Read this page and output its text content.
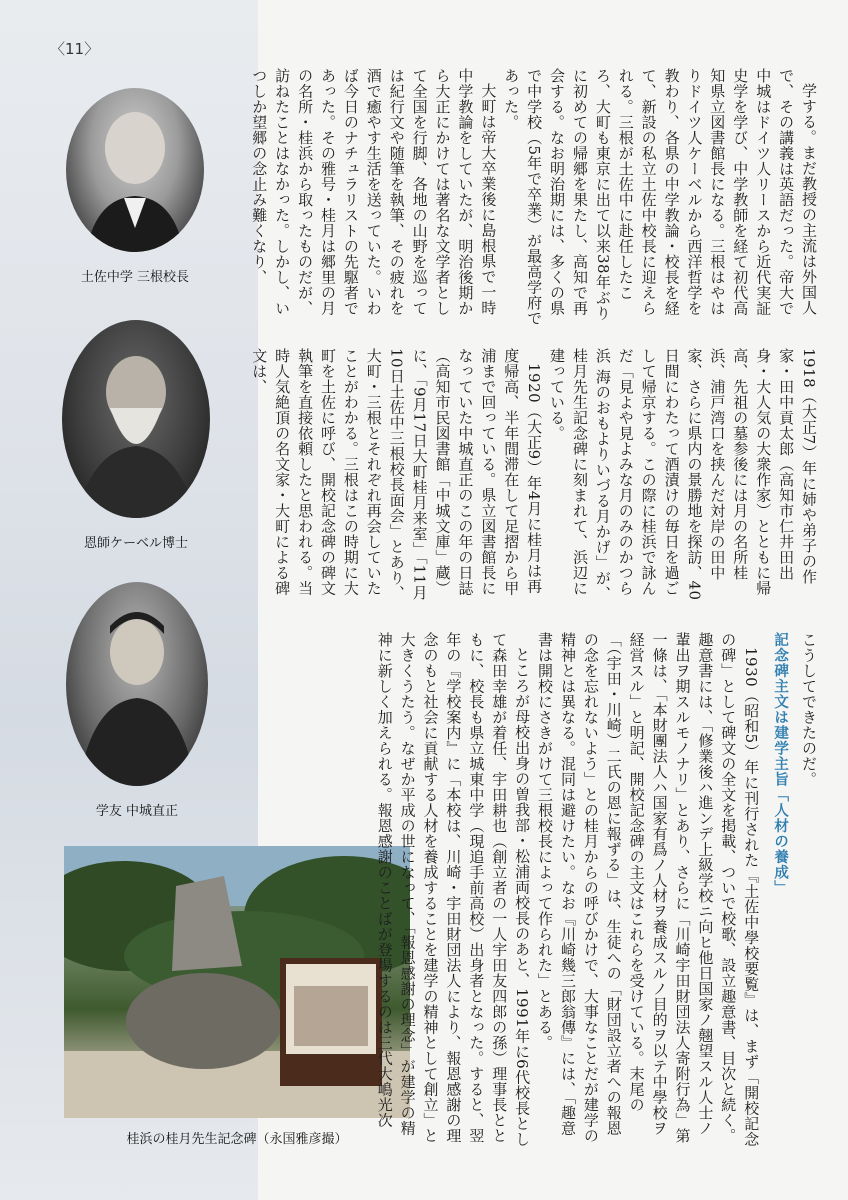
〈11〉
土佐中学 三根校長
恩師ケーベル博士
学友 中城直正
桂浜の桂月先生記念碑（永国雅彦撮）

学する。まだ教授の主流は外国人で、その講義は英語だった。帝大で中城はドイツ人リースから近代実証史学を学び、中学教師を経て初代高知県立図書館長になる。三根はやはりドイツ人ケーベルから西洋哲学を教わり、各県の中学教論・校長を経て、新設の私立土佐中校長に迎えられる。三根が土佐中に赴任したころ、大町も東京に出て以来38年ぶりに初めての帰郷を果たし、高知で再会する。なお明治期には、多くの県で中学校（5年で卒業）が最高学府であった。

大町は帝大卒業後に島根県で一時中学教論をしていたが、明治後期から大正にかけては著名な文学者として全国を行脚、各地の山野を巡っては紀行文や随筆を執筆、その疲れを酒で癒やす生活を送っていた。いわば今日のナチュラリストの先駆者であった。その雅号・桂月は郷里の月の名所・桂浜から取ったものだが、訪ねたことはなかった。しかし、いつしか望郷の念止み難くなり、

1918（大正7）年に姉や弟子の作家・田中貢太郎（高知市仁井田出身・大人気の大衆作家）とともに帰高、先祖の墓参後には月の名所桂浜、浦戸湾口を挟んだ対岸の田中家、さらに県内の景勝地を探訪、40日間にわたって酒漬けの毎日を過ごして帰京する。この際に桂浜で詠んだ「見よや見よみな月のみのかつら浜 海のおもよりいづる月かげ」が、桂月先生記念碑に刻まれて、浜辺に建っている。

1920（大正9）年4月に桂月は再度帰高、半年間滞在して足摺から甲浦まで回っている。県立図書館長になっていた中城直正のこの年の日誌（高知市民図書館「中城文庫」蔵）に、「9月17日大町桂月来室」「11月10日土佐中三根校長面会」とあり、大町・三根とそれぞれ再会していたことがわかる。三根はこの時期に大町を土佐に呼び、開校記念碑の碑文執筆を直接依頼したと思われる。当時人気絶頂の名文家・大町による碑文は、

こうしてできたのだ。

記念碑主文は建学主旨「人材の養成」

1930（昭和5）年に刊行された『土佐中學校要覧』は、まず「開校記念の碑」として碑文の全文を掲載、ついで校歌、設立趣意書、目次と続く。趣意書には、「修業後ハ進ンデ上級学校ニ向ヒ他日国家ノ翹望スル人士ノ輩出ヲ期スルモノナリ」とあり、さらに「川崎宇田財団法人寄附行為」第一條は、「本財團法人ハ国家有爲ノ人材ヲ養成スルノ目的ヲ以テ中學校ヲ経営スル」と明記、開校記念碑の主文はこれらを受けている。末尾の「（宇田・川崎）二氏の恩に報ずる」は、生徒への「財団設立者への報恩の念を忘れないよう」との桂月からの呼びかけで、大事なことだが建学の精神とは異なる。混同は避けたい。なお『川崎幾三郎翁傳』には、「趣意書は開校にさきがけて三根校長によって作られた」とある。

ところが母校出身の曽我部・松浦両校長のあと、1991年に6代校長として森田幸雄が着任、宇田耕也（創立者の一人宇田友四郎の孫）理事長とともに、校長も県立城東中学（現追手前高校）出身者となった。すると、翌年の『学校案内』に「本校は、川崎・宇田財団法人により、報恩感謝の理念のもと社会に貢献する人材を養成することを建学の精神として創立」と大きくうたう。なぜか平成の世になって、「報恩感謝の理念」が建学の精神に新しく加えられる。報恩感謝のことばが登場するのは三代大嶋光次
